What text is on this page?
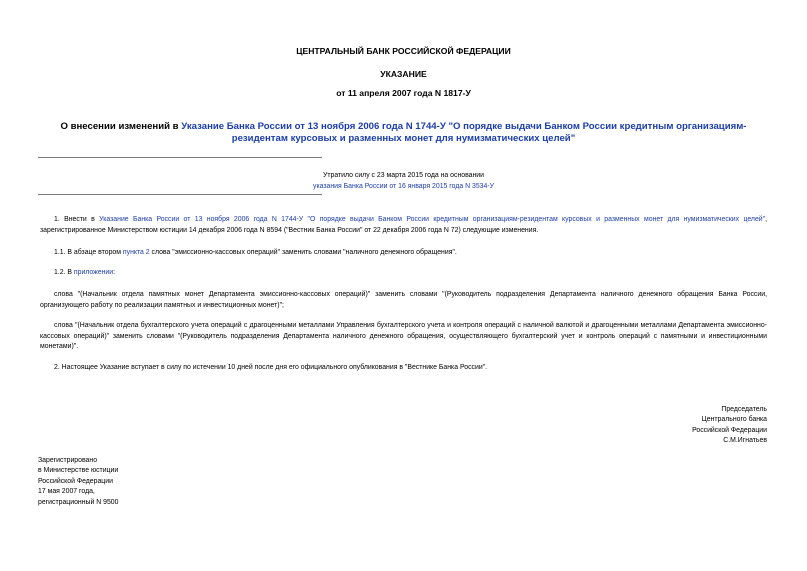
ЦЕНТРАЛЬНЫЙ БАНК РОССИЙСКОЙ ФЕДЕРАЦИИ
УКАЗАНИЕ
от 11 апреля 2007 года N 1817-У
О внесении изменений в Указание Банка России от 13 ноября 2006 года N 1744-У "О порядке выдачи Банком России кредитным организациям-резидентам курсовых и разменных монет для нумизматических целей"
Утратило силу с 23 марта 2015 года на основании
указания Банка России от 16 января 2015 года N 3534-У
1. Внести в Указание Банка России от 13 ноября 2006 года N 1744-У "О порядке выдачи Банком России кредитным организациям-резидентам курсовых и разменных монет для нумизматических целей", зарегистрированное Министерством юстиции 14 декабря 2006 года N 8594 ("Вестник Банка России" от 22 декабря 2006 года N 72) следующие изменения.
1.1. В абзаце втором пункта 2 слова "эмиссионно-кассовых операций" заменить словами "наличного денежного обращения".
1.2. В приложении:
слова "(Начальник отдела памятных монет Департамента эмиссионно-кассовых операций)" заменить словами "(Руководитель подразделения Департамента наличного денежного обращения Банка России, организующего работу по реализации памятных и инвестиционных монет)";
слова "(Начальник отдела бухгалтерского учета операций с драгоценными металлами Управления бухгалтерского учета и контроля операций с наличной валютой и драгоценными металлами Департамента эмиссионно-кассовых операций)" заменить словами "(Руководитель подразделения Департамента наличного денежного обращения, осуществляющего бухгалтерский учет и контроль операций с памятными и инвестиционными монетами)".
2. Настоящее Указание вступает в силу по истечении 10 дней после дня его официального опубликования в "Вестнике Банка России".
Председатель
Центрального банка
Российской Федерации
С.М.Игнатьев
Зарегистрировано
в Министерстве юстиции
Российской Федерации
17 мая 2007 года,
регистрационный N 9500
